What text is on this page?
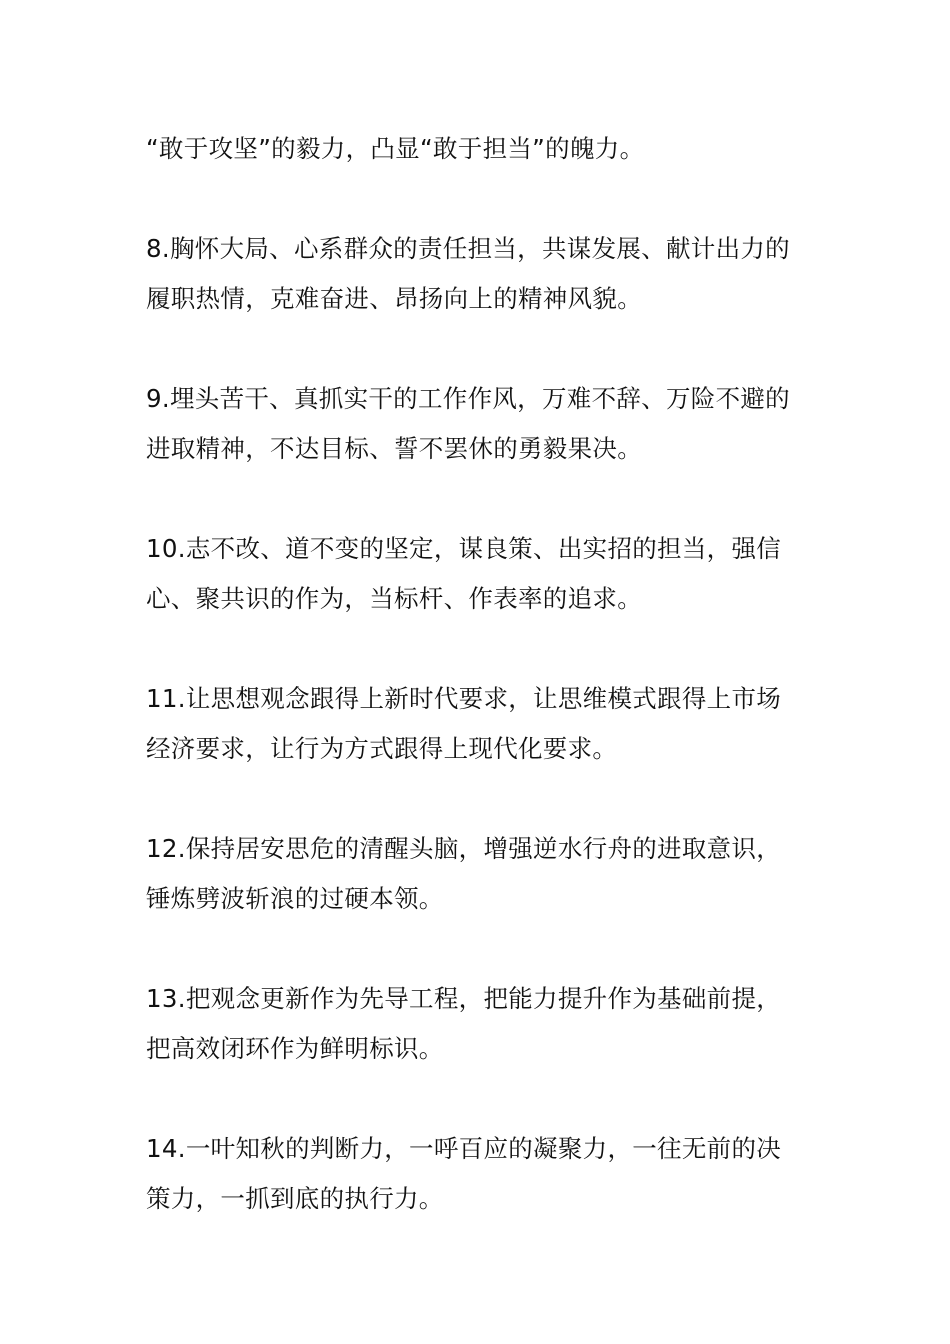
“敢于攻坚”的毅力，凸显“敢于担当”的魄力。

8.胸怀大局、心系群众的责任担当，共谋发展、献计出力的
履职热情，克难奋进、昂扬向上的精神风貌。

9.埋头苦干、真抓实干的工作作风，万难不辞、万险不避的
进取精神，不达目标、誓不罢休的勇毅果决。

10.志不改、道不变的坚定，谋良策、出实招的担当，强信
心、聚共识的作为，当标杆、作表率的追求。

11.让思想观念跟得上新时代要求，让思维模式跟得上市场
经济要求，让行为方式跟得上现代化要求。

12.保持居安思危的清醒头脑，增强逆水行舟的进取意识，
锤炼劈波斩浪的过硬本领。

13.把观念更新作为先导工程，把能力提升作为基础前提，
把高效闭环作为鲜明标识。

14.一叶知秋的判断力，一呼百应的凝聚力，一往无前的决
策力，一抓到底的执行力。
